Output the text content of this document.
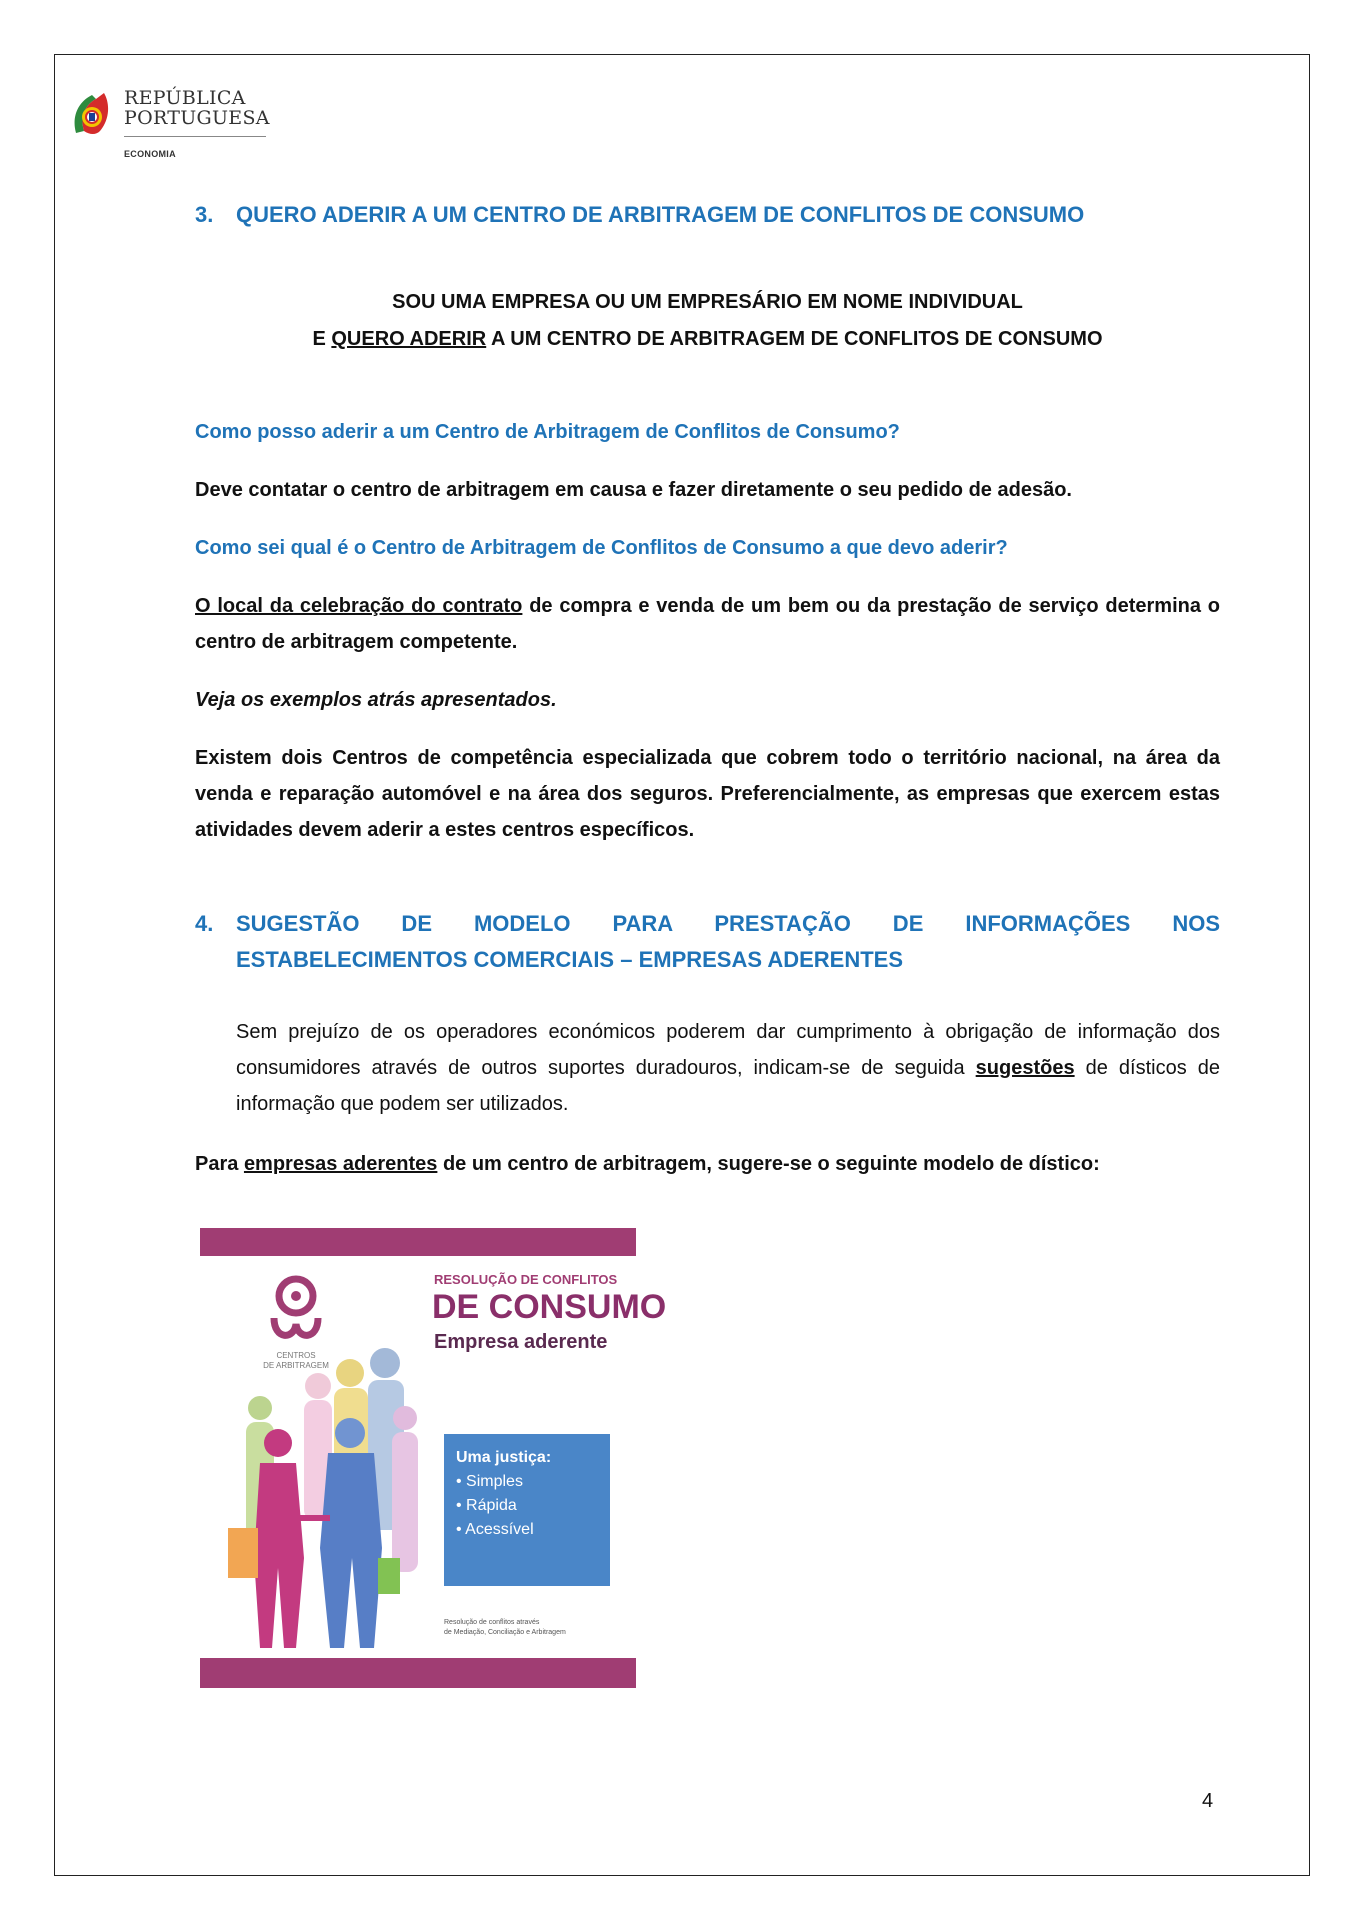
REPÚBLICA
PORTUGUESA
ECONOMIA
3. QUERO ADERIR A UM CENTRO DE ARBITRAGEM DE CONFLITOS DE CONSUMO
SOU UMA EMPRESA OU UM EMPRESÁRIO EM NOME INDIVIDUAL
E QUERO ADERIR A UM CENTRO DE ARBITRAGEM DE CONFLITOS DE CONSUMO
Como posso aderir a um Centro de Arbitragem de Conflitos de Consumo?
Deve contatar o centro de arbitragem em causa e fazer diretamente o seu pedido de adesão.
Como sei qual é o Centro de Arbitragem de Conflitos de Consumo a que devo aderir?
O local da celebração do contrato de compra e venda de um bem ou da prestação de serviço determina o centro de arbitragem competente.
Veja os exemplos atrás apresentados.
Existem dois Centros de competência especializada que cobrem todo o território nacional, na área da venda e reparação automóvel e na área dos seguros. Preferencialmente, as empresas que exercem estas atividades devem aderir a estes centros específicos.
4.	SUGESTÃO DE MODELO PARA PRESTAÇÃO DE INFORMAÇÕES NOS
ESTABELECIMENTOS COMERCIAIS – EMPRESAS ADERENTES
Sem prejuízo de os operadores económicos poderem dar cumprimento à obrigação de informação dos consumidores através de outros suportes duradouros, indicam-se de seguida sugestões de dísticos de informação que podem ser utilizados.
Para empresas aderentes de um centro de arbitragem, sugere-se o seguinte modelo de dístico:
CENTROS
DE ARBITRAGEM
RESOLUÇÃO DE CONFLITOS
DE CONSUMO
Empresa aderente
Uma justiça:
• Simples
• Rápida
• Acessível
Resolução de conflitos através
de Mediação, Conciliação e Arbitragem
4
